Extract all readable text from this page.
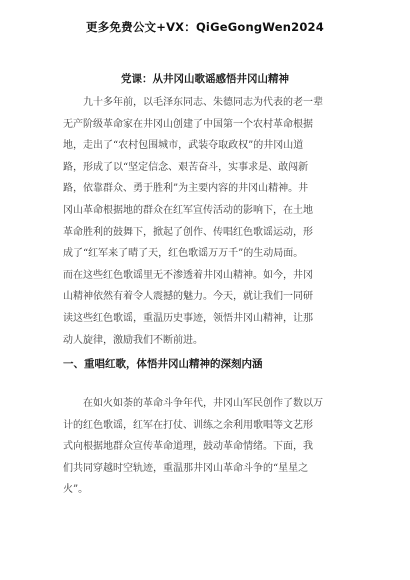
更多免费公文+VX：QiGeGongWen2024
党课：从井冈山歌谣感悟井冈山精神
九十多年前，以毛泽东同志、朱德同志为代表的老一辈
无产阶级革命家在井冈山创建了中国第一个农村革命根据
地，走出了“农村包围城市，武装夺取政权”的井冈山道
路，形成了以“坚定信念、艰苦奋斗，实事求是、敢闯新
路，依靠群众、勇于胜利”为主要内容的井冈山精神。井
冈山革命根据地的群众在红军宣传活动的影响下，在土地
革命胜利的鼓舞下，掀起了创作、传唱红色歌谣运动，形
成了“红军来了晴了天，红色歌谣万万千”的生动局面。
而在这些红色歌谣里无不渗透着井冈山精神。如今，井冈
山精神依然有着令人震撼的魅力。今天，就让我们一同研
读这些红色歌谣，重温历史事迹，领悟井冈山精神，让那
动人旋律，激励我们不断前进。
一、重唱红歌，体悟井冈山精神的深刻内涵
在如火如荼的革命斗争年代，井冈山军民创作了数以万
计的红色歌谣，红军在打仗、训练之余利用歌唱等文艺形
式向根据地群众宣传革命道理，鼓动革命情绪。下面，我
们共同穿越时空轨迹，重温那井冈山革命斗争的“星星之
火”。
